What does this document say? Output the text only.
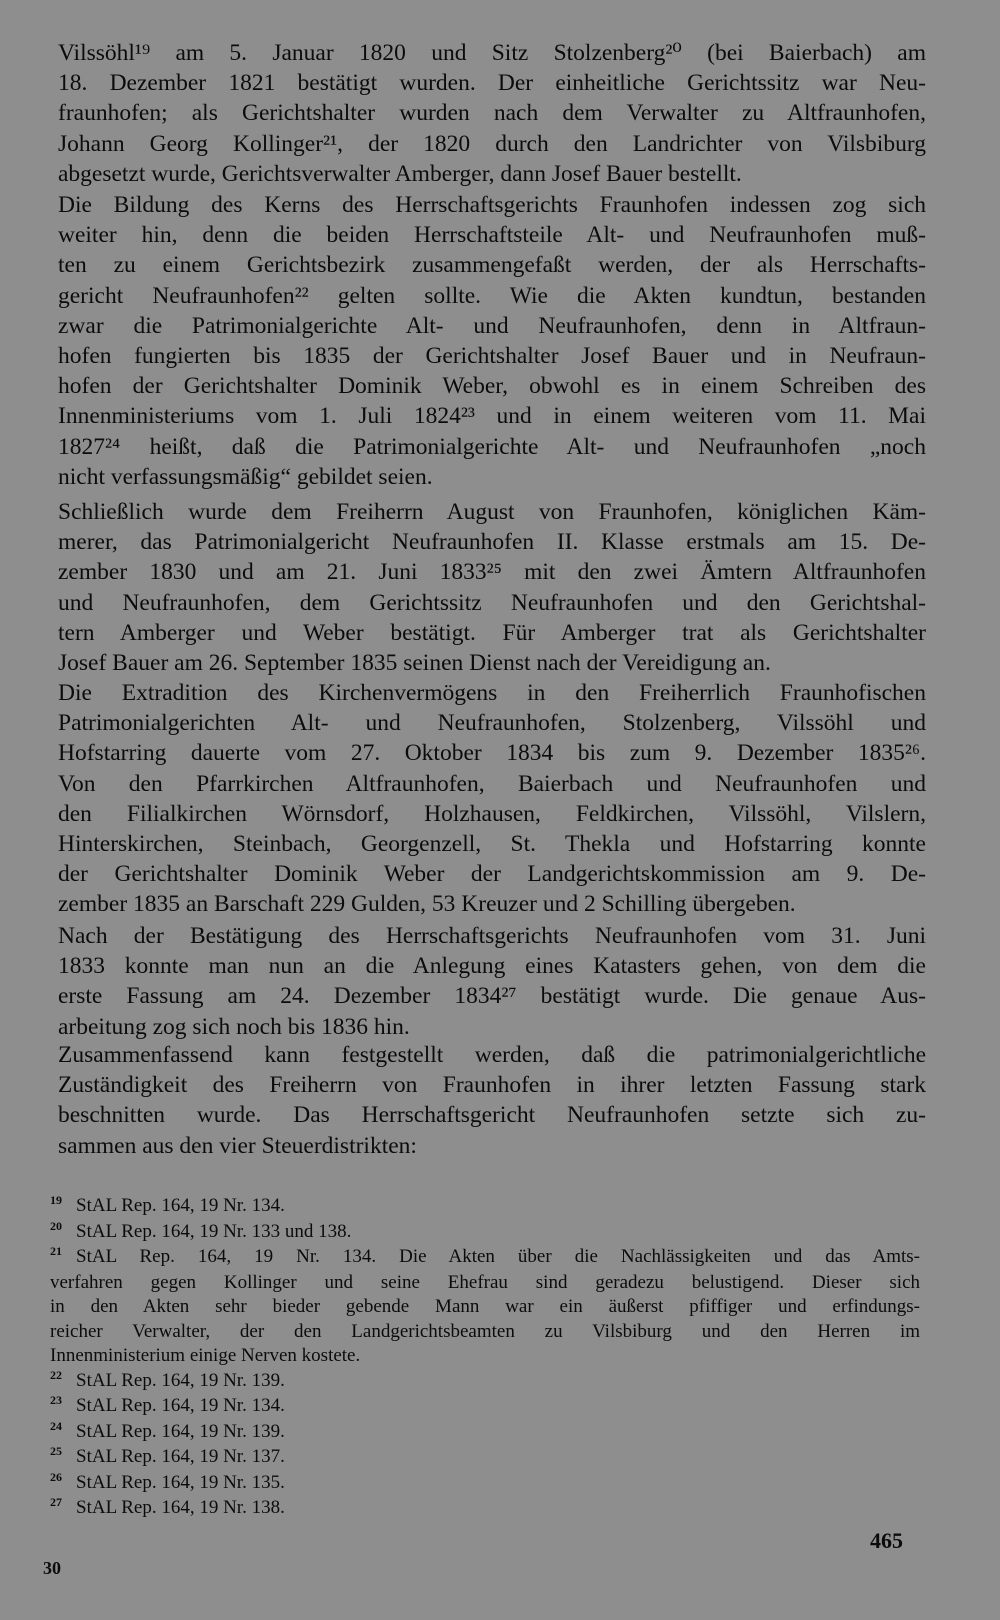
Vilssöhl¹⁹ am 5. Januar 1820 und Sitz Stolzenberg²⁰ (bei Baierbach) am
18. Dezember 1821 bestätigt wurden. Der einheitliche Gerichtssitz war Neu-
fraunhofen; als Gerichtshalter wurden nach dem Verwalter zu Altfraunhofen,
Johann Georg Kollinger²¹, der 1820 durch den Landrichter von Vilsbiburg
abgesetzt wurde, Gerichtsverwalter Amberger, dann Josef Bauer bestellt.
Die Bildung des Kerns des Herrschaftsgerichts Fraunhofen indessen zog sich
weiter hin, denn die beiden Herrschaftsteile Alt- und Neufraunhofen muß-
ten zu einem Gerichtsbezirk zusammengefaßt werden, der als Herrschafts-
gericht Neufraunhofen²² gelten sollte. Wie die Akten kundtun, bestanden
zwar die Patrimonialgerichte Alt- und Neufraunhofen, denn in Altfraun-
hofen fungierten bis 1835 der Gerichtshalter Josef Bauer und in Neufraun-
hofen der Gerichtshalter Dominik Weber, obwohl es in einem Schreiben des
Innenministeriums vom 1. Juli 1824²³ und in einem weiteren vom 11. Mai
1827²⁴ heißt, daß die Patrimonialgerichte Alt- und Neufraunhofen „noch
nicht verfassungsmäßig“ gebildet seien.
Schließlich wurde dem Freiherrn August von Fraunhofen, königlichen Käm-
merer, das Patrimonialgericht Neufraunhofen II. Klasse erstmals am 15. De-
zember 1830 und am 21. Juni 1833²⁵ mit den zwei Ämtern Altfraunhofen
und Neufraunhofen, dem Gerichtssitz Neufraunhofen und den Gerichtshal-
tern Amberger und Weber bestätigt. Für Amberger trat als Gerichtshalter
Josef Bauer am 26. September 1835 seinen Dienst nach der Vereidigung an.
Die Extradition des Kirchenvermögens in den Freiherrlich Fraunhofischen
Patrimonialgerichten Alt- und Neufraunhofen, Stolzenberg, Vilssöhl und
Hofstarring dauerte vom 27. Oktober 1834 bis zum 9. Dezember 1835²⁶.
Von den Pfarrkirchen Altfraunhofen, Baierbach und Neufraunhofen und
den Filialkirchen Wörnsdorf, Holzhausen, Feldkirchen, Vilssöhl, Vilslern,
Hinterskirchen, Steinbach, Georgenzell, St. Thekla und Hofstarring konnte
der Gerichtshalter Dominik Weber der Landgerichtskommission am 9. De-
zember 1835 an Barschaft 229 Gulden, 53 Kreuzer und 2 Schilling übergeben.
Nach der Bestätigung des Herrschaftsgerichts Neufraunhofen vom 31. Juni
1833 konnte man nun an die Anlegung eines Katasters gehen, von dem die
erste Fassung am 24. Dezember 1834²⁷ bestätigt wurde. Die genaue Aus-
arbeitung zog sich noch bis 1836 hin.
Zusammenfassend kann festgestellt werden, daß die patrimonialgerichtliche
Zuständigkeit des Freiherrn von Fraunhofen in ihrer letzten Fassung stark
beschnitten wurde. Das Herrschaftsgericht Neufraunhofen setzte sich zu-
sammen aus den vier Steuerdistrikten:
19 StAL Rep. 164, 19 Nr. 134.
20 StAL Rep. 164, 19 Nr. 133 und 138.
21 StAL Rep. 164, 19 Nr. 134. Die Akten über die Nachlässigkeiten und das Amts-
verfahren gegen Kollinger und seine Ehefrau sind geradezu belustigend. Dieser sich
in den Akten sehr bieder gebende Mann war ein äußerst pfiffiger und erfindungs-
reicher Verwalter, der den Landgerichtsbeamten zu Vilsbiburg und den Herren im
Innenministerium einige Nerven kostete.
22 StAL Rep. 164, 19 Nr. 139.
23 StAL Rep. 164, 19 Nr. 134.
24 StAL Rep. 164, 19 Nr. 139.
25 StAL Rep. 164, 19 Nr. 137.
26 StAL Rep. 164, 19 Nr. 135.
27 StAL Rep. 164, 19 Nr. 138.
465
30
